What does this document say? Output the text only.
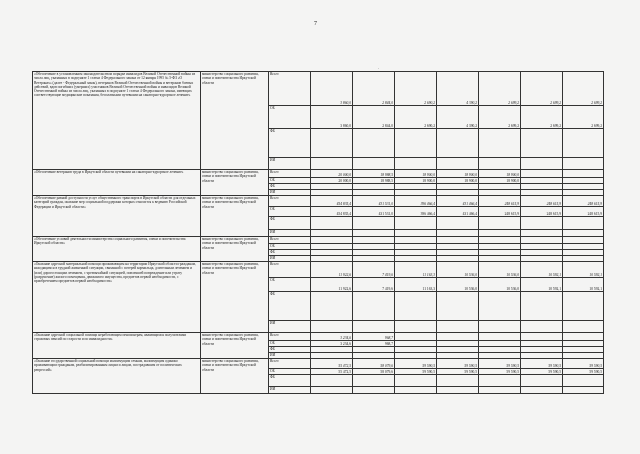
7
.
«Обеспечение в установленном законодательством порядке инвалидов Великой Отечественной войны из числа лиц, указанных в подпункте 1 статьи 4 Федерального закона от 12 января 1995 № 5-ФЗ «О Ветеранах» (далее - Федеральный закон), ветеранов Великой Отечественной войны и ветеранов боевых действий, вдов погибших (умерших) участников Великой Отечественной войны и инвалидов Великой Отечественной войны из числа лиц, указанных в подпункте 1 статьи 4 Федерального закона, имеющих соответствующие медицинские показания, бесплатными путевками на санаторно-курортное лечение»	министерство социального развития, опеки и попечительства Иркутской области	Всего	3 860,0	2 844,0	2 690,2	4 390,2	2 699,2	2 699,2	2 699,2
		ОБ	3 860,0	2 844,0	2 690,2	4 390,2	2 699,2	2 699,2	2 699,2
		ФБ							
		ИИ							
«Обеспечение ветеранов труда в Иркутской области путевками на санаторно-курортное лечение»	министерство социального развития, опеки и попечительства Иркутской области	Всего	20 000,0	18 988,5	18 900,0	18 900,0	18 900,0		
		ОБ	20 000,0	18 988,5	18 900,0	18 900,0	18 900,0		
		ФБ							
		ИИ							
«Обеспечение равной доступности услуг общественного транспорта в Иркутской области для отдельных категорий граждан, оказание мер социальной поддержки которых относится к ведению Российской Федерации и Иркутской области»	министерство социального развития, опеки и попечительства Иркутской области	Всего	454 835,4	431 531,0	396 466,4	431 466,4	248 615,9	248 615,9	248 615,9
		ОБ	454 835,4	431 531,0	396 466,4	431 466,4	248 615,9	248 615,9	248 615,9
		ФБ							
		ИИ							
«Обеспечение условий деятельности министерства социального развития, опеки и попечительства Иркутской области»	министерство социального развития, опеки и попечительства Иркутской области	Всего							
		ОБ							
		ФБ							
		ИИ							
«Оказание адресной материальной помощи проживающим на территории Иркутской области гражданам, находящимся в трудной жизненной ситуации, связанной с потерей кормильца, длительным лечением и (или) дорогостоящим лечением, с чрезвычайной ситуацией, повлекшей повреждение или утрату (разрушение) жилого помещения, движимого имущества, предметов первой необходимости, с приобретением предметов первой необходимости»	министерство социального развития, опеки и попечительства Иркутской области	Всего	11 922,6	7 419,6	11 163,3	10 536,0	10 536,0	10 592,1	10 592,1
		ОБ	11 922,6	7 419,6	11 163,3	10 536,0	10 536,0	10 592,1	10 592,1
		ФБ							
		ИИ							
«Оказание адресной социальной помощи неработающим пенсионерам, являющимся получателями страховых пенсий по старости и по инвалидности»	министерство социального развития, опеки и попечительства Иркутской области	Всего	3 234,6	968,7					
		ОБ	3 234,6	968,7					
		ФБ							
		ИИ							
«Оказание государственной социальной помощи малоимущим семьям, малоимущим одиноко проживающим гражданам, реабилитированным лицам и лицам, пострадавшим от политических репрессий»	министерство социального развития, опеки и попечительства Иркутской области	Всего	55 472,5	58 079,6	59 590,5	59 590,5	59 590,5	59 590,5	59 590,5
		ОБ	55 472,5	58 079,6	59 590,5	59 590,5	59 590,5	59 590,5	59 590,5
		ФБ							
		ИИ							
